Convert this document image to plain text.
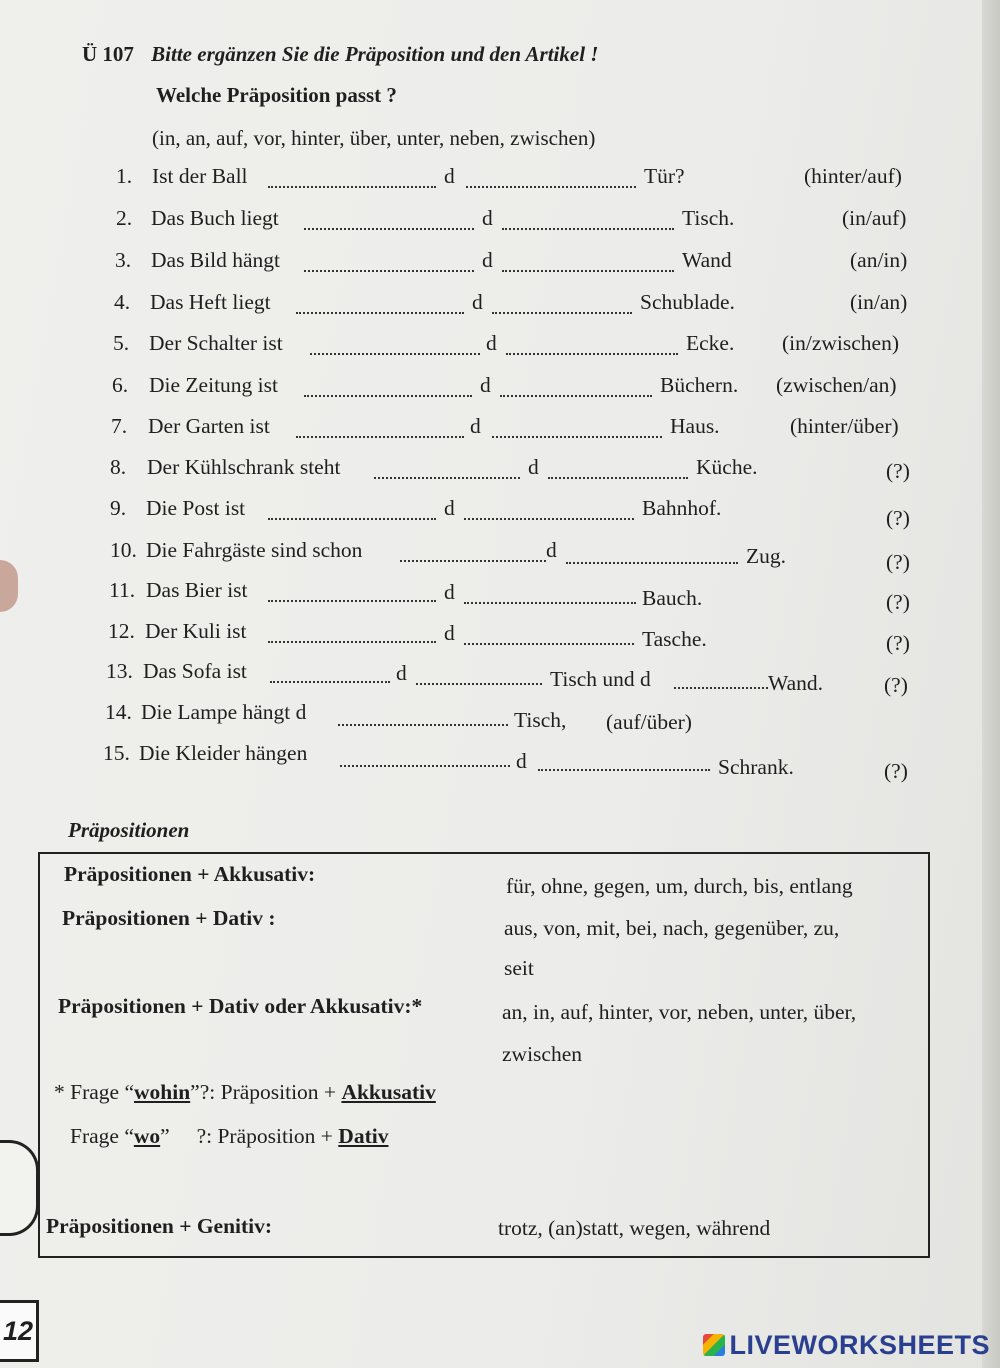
Ü 107 Bitte ergänzen Sie die Präposition und den Artikel !
Welche Präposition passt ?
(in, an, auf, vor, hinter, über, unter, neben, zwischen)
1. Ist der Ball	d	Tür?	(hinter/auf)
2. Das Buch liegt	d	Tisch.	(in/auf)
3. Das Bild hängt	d	Wand	(an/in)
4. Das Heft liegt	d	Schublade.	(in/an)
5. Der Schalter ist	d	Ecke. (in/zwischen)
6. Die Zeitung ist	d	Büchern. (zwischen/an)
7. Der Garten ist	d	Haus.	(hinter/über)
8. Der Kühlschrank steht	d	Küche.	(?)
9. Die Post ist	d	Bahnhof.	(?)
10. Die Fahrgäste sind schon	d	Zug.	(?)
11. Das Bier ist	d	Bauch.	(?)
12. Der Kuli ist	d	Tasche.	(?)
13. Das Sofa ist	d	Tisch und d	Wand.	(?)
14. Die Lampe hängt d	Tisch, (auf/über)
15. Die Kleider hängen	d	Schrank.	(?)
Präpositionen
Präpositionen + Akkusativ:	für, ohne, gegen, um, durch, bis, entlang
Präpositionen + Dativ :	aus, von, mit, bei, nach, gegenüber, zu,
seit
Präpositionen + Dativ oder Akkusativ:*	an, in, auf, hinter, vor, neben, unter, über,
zwischen
* Frage “wohin”?: Präposition + Akkusativ
Frage “wo”     ?: Präposition + Dativ
Präpositionen + Genitiv:	trotz, (an)statt, wegen, während
12	LIVEWORKSHEETS
